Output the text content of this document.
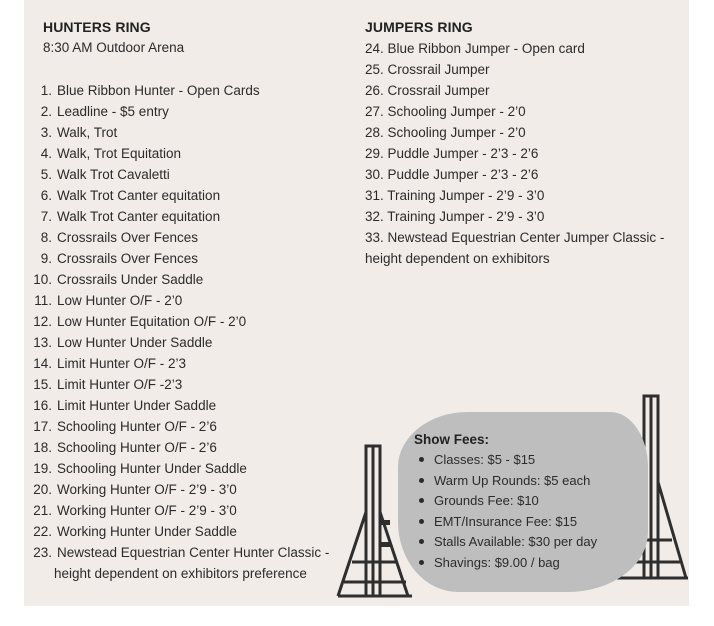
HUNTERS RING
8:30 AM Outdoor Arena
1. Blue Ribbon Hunter - Open Cards
2. Leadline - $5 entry
3. Walk, Trot
4. Walk, Trot Equitation
5. Walk Trot Cavaletti
6. Walk Trot Canter equitation
7. Walk Trot Canter equitation
8. Crossrails Over Fences
9. Crossrails Over Fences
10. Crossrails Under Saddle
11. Low Hunter O/F - 2’0
12. Low Hunter Equitation O/F - 2’0
13. Low Hunter Under Saddle
14. Limit Hunter O/F - 2’3
15. Limit Hunter O/F -2’3
16. Limit Hunter Under Saddle
17. Schooling Hunter O/F - 2’6
18. Schooling Hunter O/F - 2’6
19. Schooling Hunter Under Saddle
20. Working Hunter O/F - 2’9 - 3’0
21. Working Hunter O/F - 2’9 - 3’0
22. Working Hunter Under Saddle
23. Newstead Equestrian Center Hunter Classic -
height dependent on exhibitors preference
JUMPERS RING
24. Blue Ribbon Jumper - Open card
25. Crossrail Jumper
26. Crossrail Jumper
27. Schooling Jumper - 2’0
28. Schooling Jumper - 2’0
29. Puddle Jumper - 2’3 - 2’6
30. Puddle Jumper - 2’3 - 2’6
31. Training Jumper - 2’9 - 3’0
32. Training Jumper - 2’9 - 3’0
33. Newstead Equestrian Center Jumper Classic -
height dependent on exhibitors
Show Fees:
Classes: $5 - $15
Warm Up Rounds: $5 each
Grounds Fee: $10
EMT/Insurance Fee: $15
Stalls Available: $30 per day
Shavings: $9.00 / bag
